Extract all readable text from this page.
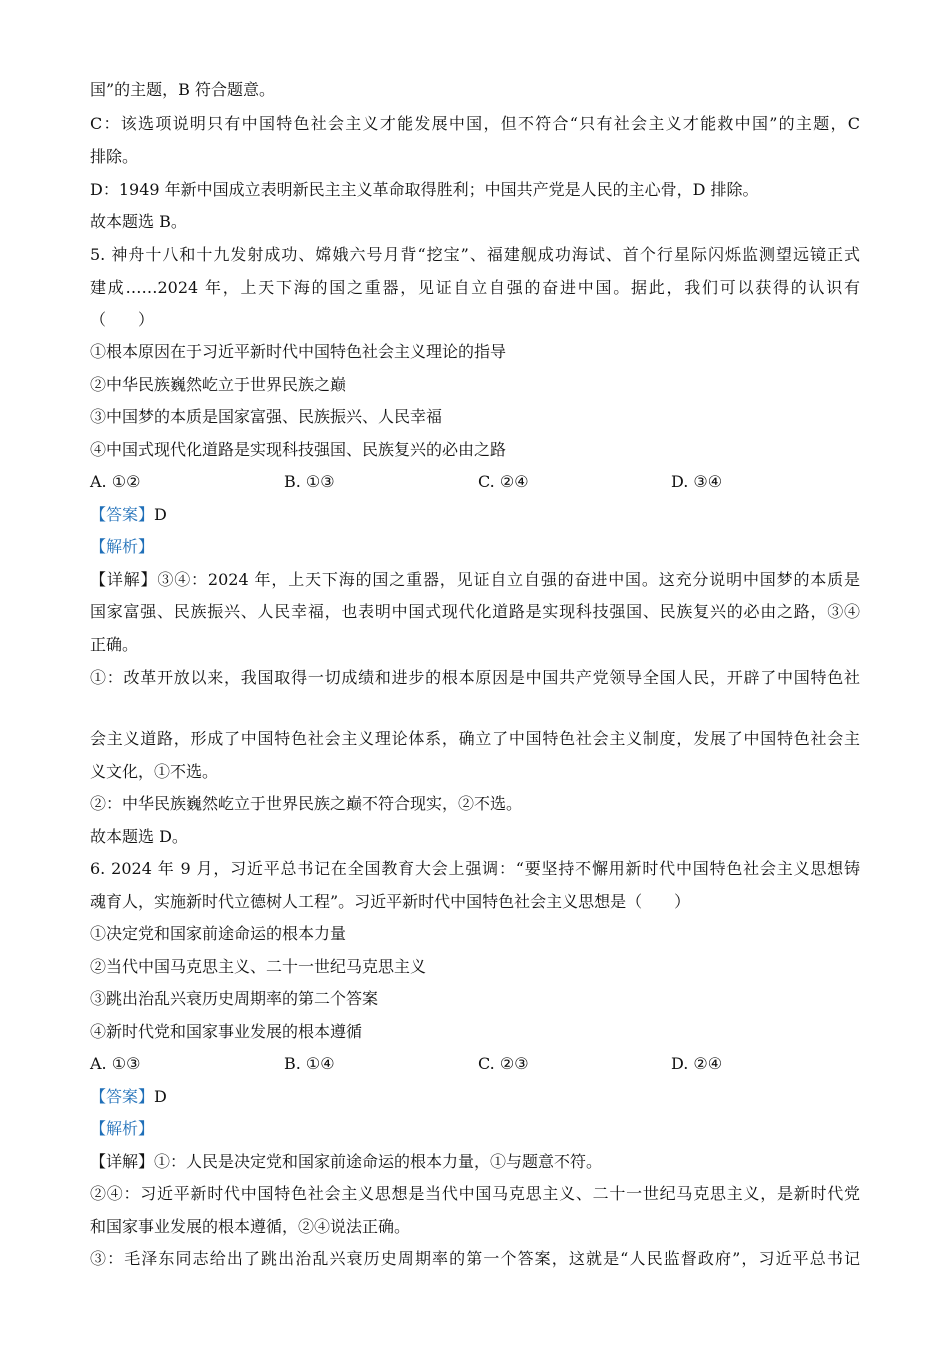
国”的主题，B 符合题意。
C：该选项说明只有中国特色社会主义才能发展中国，但不符合“只有社会主义才能救中国”的主题，C
排除。
D：1949 年新中国成立表明新民主主义革命取得胜利；中国共产党是人民的主心骨，D 排除。
故本题选 B。
5. 神舟十八和十九发射成功、嫦娥六号月背“挖宝”、福建舰成功海试、首个行星际闪烁监测望远镜正式
建成……2024 年，上天下海的国之重器，见证自立自强的奋进中国。据此，我们可以获得的认识有
（　　）
①根本原因在于习近平新时代中国特色社会主义理论的指导
②中华民族巍然屹立于世界民族之巅
③中国梦的本质是国家富强、民族振兴、人民幸福
④中国式现代化道路是实现科技强国、民族复兴的必由之路
A. ①②	B. ①③	C. ②④	D. ③④
【答案】D
【解析】
【详解】③④：2024 年，上天下海的国之重器，见证自立自强的奋进中国。这充分说明中国梦的本质是
国家富强、民族振兴、人民幸福，也表明中国式现代化道路是实现科技强国、民族复兴的必由之路，③④
正确。
①：改革开放以来，我国取得一切成绩和进步的根本原因是中国共产党领导全国人民，开辟了中国特色社
会主义道路，形成了中国特色社会主义理论体系，确立了中国特色社会主义制度，发展了中国特色社会主
义文化，①不选。
②：中华民族巍然屹立于世界民族之巅不符合现实，②不选。
故本题选 D。
6. 2024 年 9 月，习近平总书记在全国教育大会上强调：“要坚持不懈用新时代中国特色社会主义思想铸
魂育人，实施新时代立德树人工程”。习近平新时代中国特色社会主义思想是（　　）
①决定党和国家前途命运的根本力量
②当代中国马克思主义、二十一世纪马克思主义
③跳出治乱兴衰历史周期率的第二个答案
④新时代党和国家事业发展的根本遵循
A. ①③	B. ①④	C. ②③	D. ②④
【答案】D
【解析】
【详解】①：人民是决定党和国家前途命运的根本力量，①与题意不符。
②④：习近平新时代中国特色社会主义思想是当代中国马克思主义、二十一世纪马克思主义，是新时代党
和国家事业发展的根本遵循，②④说法正确。
③：毛泽东同志给出了跳出治乱兴衰历史周期率的第一个答案，这就是“人民监督政府”，习近平总书记
